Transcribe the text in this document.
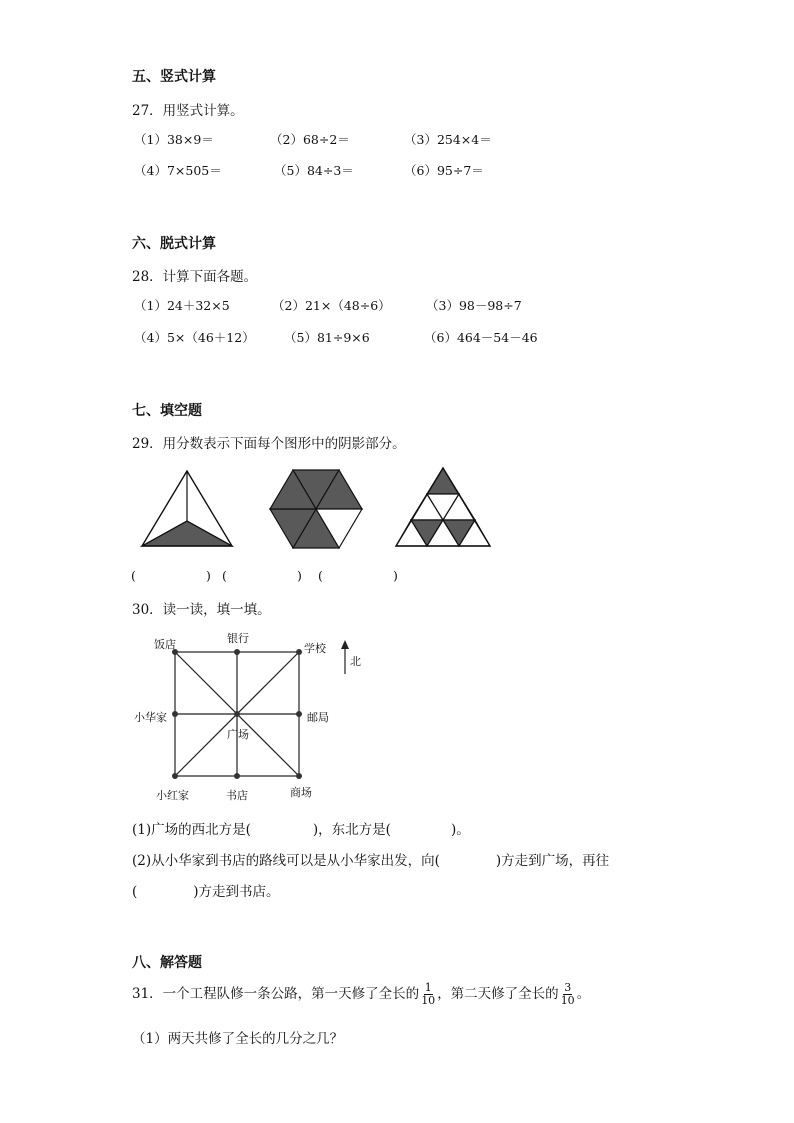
五、竖式计算
27．用竖式计算。
（1）38×9＝	（2）68÷2＝	（3）254×4＝
（4）7×505＝	（5）84÷3＝	（6）95÷7＝
六、脱式计算
28．计算下面各题。
（1）24＋32×5	（2）21×（48÷6）	（3）98－98÷7
（4）5×（46＋12） （5）81÷9×6	（6）464－54－46
七、填空题
29．用分数表示下面每个图形中的阴影部分。
(	) (	) (	)
30．读一读，填一填。
饭店	银行
学校
北
小华家
广场
邮局
小红家	书店	商场
(1)广场的西北方是(	)，东北方是(	)。
(2)从小华家到书店的路线可以是从小华家出发，向(	)方走到广场，再往
(	)方走到书店。
八、解答题
31．一个工程队修一条公路，第一天修了全长的 $\frac{1}{10}$ ，第二天修了全长的 $\frac{3}{10}$ 。
（1）两天共修了全长的几分之几？
